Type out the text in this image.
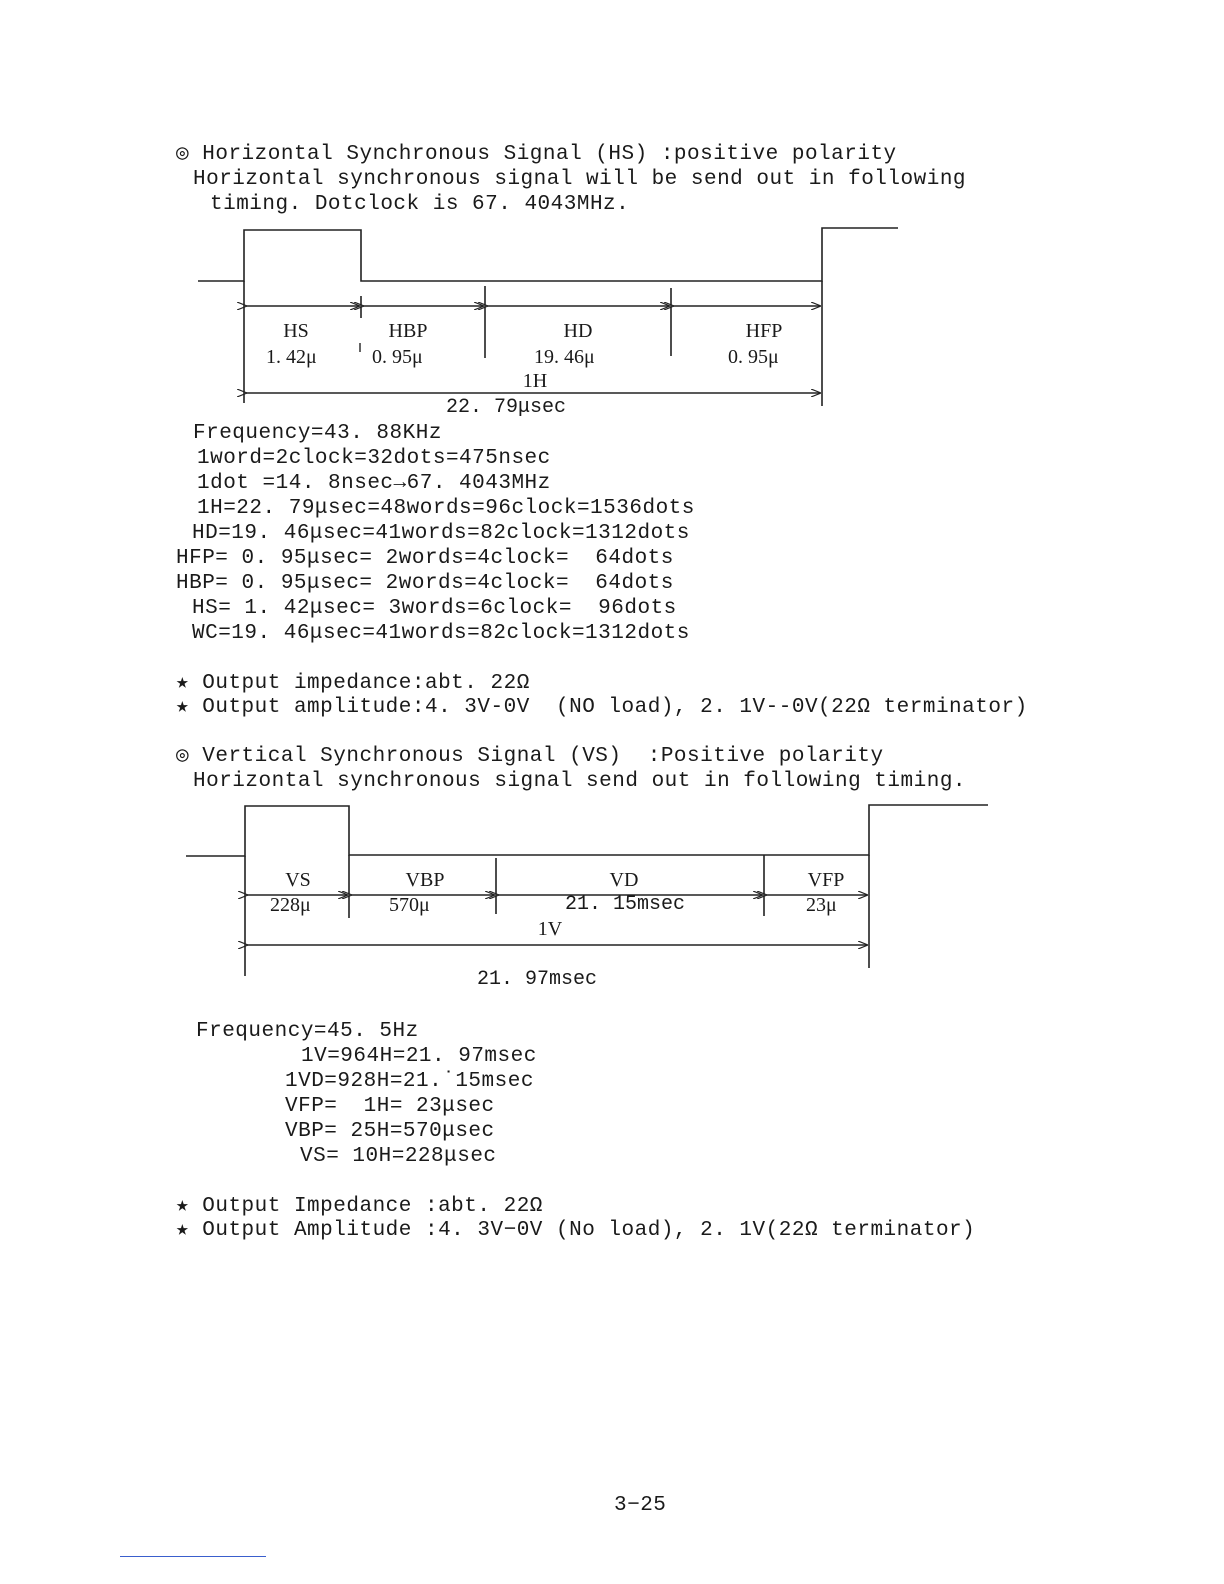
◎ Horizontal Synchronous Signal (HS) :positive polarity
Horizontal synchronous signal will be send out in following
timing. Dotclock is 67. 4043MHz.
HS
1. 42μ
HBP
0. 95μ
HD
19. 46μ
HFP
0. 95μ
1H
22. 79μsec
Frequency=43. 88KHz
1word=2clock=32dots=475nsec
1dot =14. 8nsec→67. 4043MHz
1H=22. 79μsec=48words=96clock=1536dots
HD=19. 46μsec=41words=82clock=1312dots
HFP= 0. 95μsec= 2words=4clock=  64dots
HBP= 0. 95μsec= 2words=4clock=  64dots
HS= 1. 42μsec= 3words=6clock=  96dots
WC=19. 46μsec=41words=82clock=1312dots
★ Output impedance:abt. 22Ω
★ Output amplitude:4. 3V-0V  (NO load), 2. 1V--0V(22Ω terminator)
◎ Vertical Synchronous Signal (VS)  :Positive polarity
Horizontal synchronous signal send out in following timing.
VS
228μ
VBP
570μ
VD
21. 15msec
VFP
23μ
1V
21. 97msec
Frequency=45. 5Hz
1V=964H=21. 97msec
1VD=928H=21.˙15msec
VFP=  1H= 23μsec
VBP= 25H=570μsec
VS= 10H=228μsec
★ Output Impedance :abt. 22Ω
★ Output Amplitude :4. 3V−0V (No load), 2. 1V(22Ω terminator)
3−25
